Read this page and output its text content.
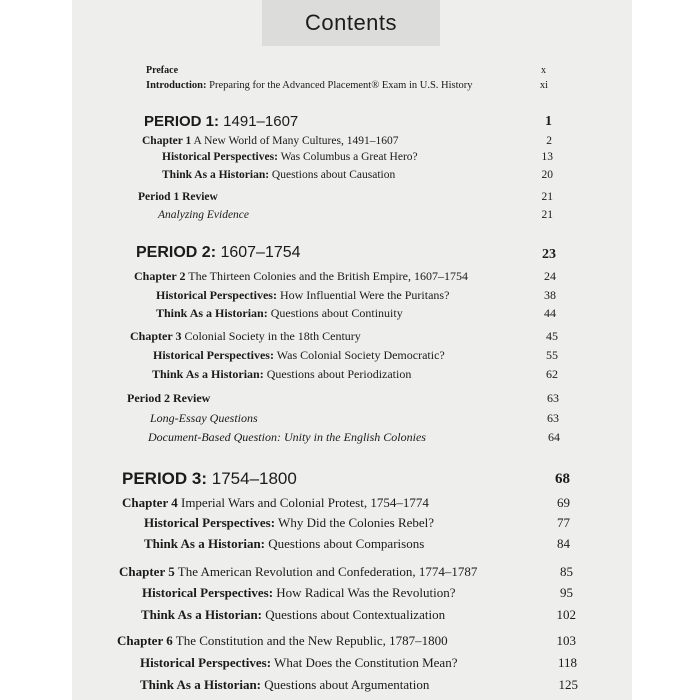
Contents
Preface	x
Introduction: Preparing for the Advanced Placement® Exam in U.S. History	xi
PERIOD 1: 1491–1607	1
Chapter 1 A New World of Many Cultures, 1491–1607	2
Historical Perspectives: Was Columbus a Great Hero?	13
Think As a Historian: Questions about Causation	20
Period 1 Review	21
Analyzing Evidence	21
PERIOD 2: 1607–1754	23
Chapter 2 The Thirteen Colonies and the British Empire, 1607–1754	24
Historical Perspectives: How Influential Were the Puritans?	38
Think As a Historian: Questions about Continuity	44
Chapter 3 Colonial Society in the 18th Century	45
Historical Perspectives: Was Colonial Society Democratic?	55
Think As a Historian: Questions about Periodization	62
Period 2 Review	63
Long-Essay Questions	63
Document-Based Question: Unity in the English Colonies	64
PERIOD 3: 1754–1800	68
Chapter 4 Imperial Wars and Colonial Protest, 1754–1774	69
Historical Perspectives: Why Did the Colonies Rebel?	77
Think As a Historian: Questions about Comparisons	84
Chapter 5 The American Revolution and Confederation, 1774–1787	85
Historical Perspectives: How Radical Was the Revolution?	95
Think As a Historian: Questions about Contextualization	102
Chapter 6 The Constitution and the New Republic, 1787–1800	103
Historical Perspectives: What Does the Constitution Mean?	118
Think As a Historian: Questions about Argumentation	125
